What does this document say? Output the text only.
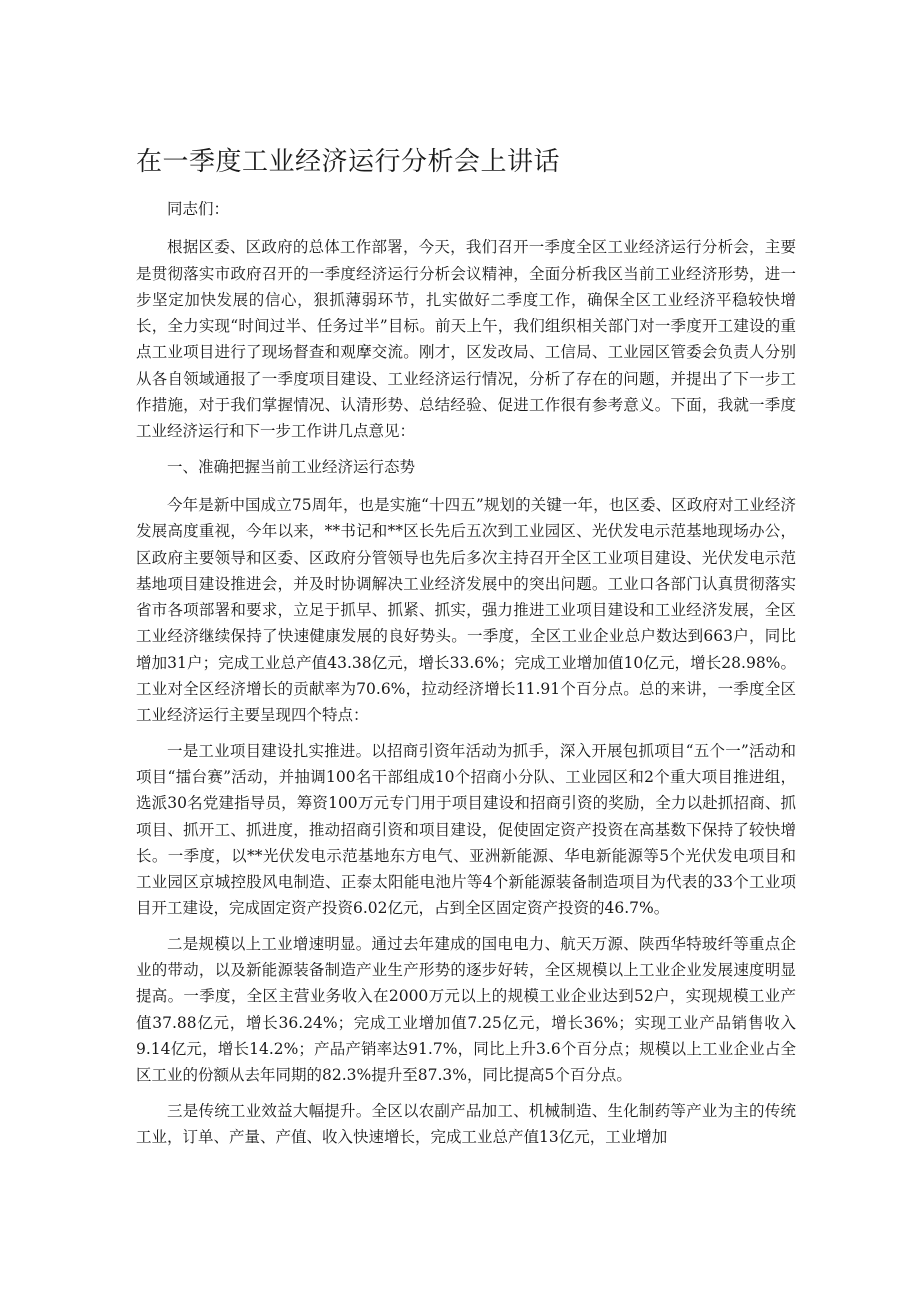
在一季度工业经济运行分析会上讲话

同志们：

根据区委、区政府的总体工作部署，今天，我们召开一季度全区工业经济运行分析会，主要是贯彻落实市政府召开的一季度经济运行分析会议精神，全面分析我区当前工业经济形势，进一步坚定加快发展的信心，狠抓薄弱环节，扎实做好二季度工作，确保全区工业经济平稳较快增长，全力实现“时间过半、任务过半”目标。前天上午，我们组织相关部门对一季度开工建设的重点工业项目进行了现场督查和观摩交流。刚才，区发改局、工信局、工业园区管委会负责人分别从各自领域通报了一季度项目建设、工业经济运行情况，分析了存在的问题，并提出了下一步工作措施，对于我们掌握情况、认清形势、总结经验、促进工作很有参考意义。下面，我就一季度工业经济运行和下一步工作讲几点意见：

一、准确把握当前工业经济运行态势

今年是新中国成立75周年，也是实施“十四五”规划的关键一年，也区委、区政府对工业经济发展高度重视，今年以来，**书记和**区长先后五次到工业园区、光伏发电示范基地现场办公，区政府主要领导和区委、区政府分管领导也先后多次主持召开全区工业项目建设、光伏发电示范基地项目建设推进会，并及时协调解决工业经济发展中的突出问题。工业口各部门认真贯彻落实省市各项部署和要求，立足于抓早、抓紧、抓实，强力推进工业项目建设和工业经济发展，全区工业经济继续保持了快速健康发展的良好势头。一季度，全区工业企业总户数达到663户，同比增加31户；完成工业总产值43.38亿元，增长33.6%；完成工业增加值10亿元，增长28.98%。工业对全区经济增长的贡献率为70.6%，拉动经济增长11.91个百分点。总的来讲，一季度全区工业经济运行主要呈现四个特点：

一是工业项目建设扎实推进。以招商引资年活动为抓手，深入开展包抓项目“五个一”活动和项目“擂台赛”活动，并抽调100名干部组成10个招商小分队、工业园区和2个重大项目推进组，选派30名党建指导员，筹资100万元专门用于项目建设和招商引资的奖励，全力以赴抓招商、抓项目、抓开工、抓进度，推动招商引资和项目建设，促使固定资产投资在高基数下保持了较快增长。一季度，以**光伏发电示范基地东方电气、亚洲新能源、华电新能源等5个光伏发电项目和工业园区京城控股风电制造、正泰太阳能电池片等4个新能源装备制造项目为代表的33个工业项目开工建设，完成固定资产投资6.02亿元，占到全区固定资产投资的46.7%。

二是规模以上工业增速明显。通过去年建成的国电电力、航天万源、陕西华特玻纤等重点企业的带动，以及新能源装备制造产业生产形势的逐步好转，全区规模以上工业企业发展速度明显提高。一季度，全区主营业务收入在2000万元以上的规模工业企业达到52户，实现规模工业产值37.88亿元，增长36.24%；完成工业增加值7.25亿元，增长36%；实现工业产品销售收入9.14亿元，增长14.2%；产品产销率达91.7%，同比上升3.6个百分点；规模以上工业企业占全区工业的份额从去年同期的82.3%提升至87.3%，同比提高5个百分点。

三是传统工业效益大幅提升。全区以农副产品加工、机械制造、生化制药等产业为主的传统工业，订单、产量、产值、收入快速增长，完成工业总产值13亿元，工业增加
